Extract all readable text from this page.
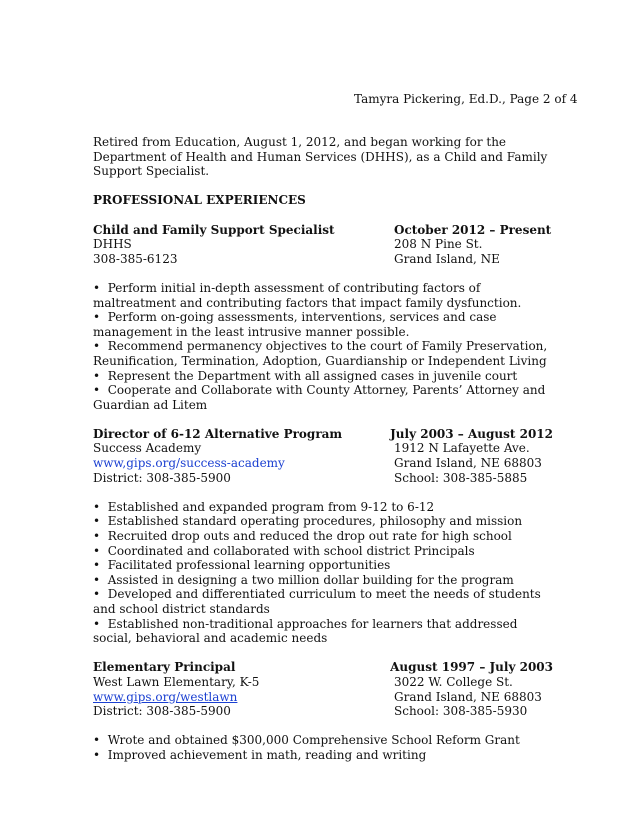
Tamyra Pickering, Ed.D., Page 2 of 4

Retired from Education, August 1, 2012, and began working for the Department of Health and Human Services (DHHS), as a Child and Family Support Specialist.

PROFESSIONAL EXPERIENCES

Child and Family Support Specialist	October 2012 – Present
DHHS	208 N Pine St.
308-385-6123	Grand Island, NE

• Perform initial in-depth assessment of contributing factors of maltreatment and contributing factors that impact family dysfunction.

• Perform on-going assessments, interventions, services and case management in the least intrusive manner possible.

• Recommend permanency objectives to the court of Family Preservation, Reunification, Termination, Adoption, Guardianship or Independent Living

• Represent the Department with all assigned cases in juvenile court

• Cooperate and Collaborate with County Attorney, Parents’ Attorney and Guardian ad Litem

Director of 6-12 Alternative Program	July 2003 – August 2012
Success Academy	1912 N Lafayette Ave.
www,gips.org/success-academy	Grand Island, NE 68803
District: 308-385-5900	School: 308-385-5885

• Established and expanded program from 9-12 to 6-12

• Established standard operating procedures, philosophy and mission

• Recruited drop outs and reduced the drop out rate for high school

• Coordinated and collaborated with school district Principals

• Facilitated professional learning opportunities

• Assisted in designing a two million dollar building for the program

• Developed and differentiated curriculum to meet the needs of students and school district standards

• Established non-traditional approaches for learners that addressed social, behavioral and academic needs

Elementary Principal	August 1997 – July 2003
West Lawn Elementary, K-5	3022 W. College St.
www.gips.org/westlawn	Grand Island, NE 68803
District: 308-385-5900	School: 308-385-5930

• Wrote and obtained $300,000 Comprehensive School Reform Grant

• Improved achievement in math, reading and writing
